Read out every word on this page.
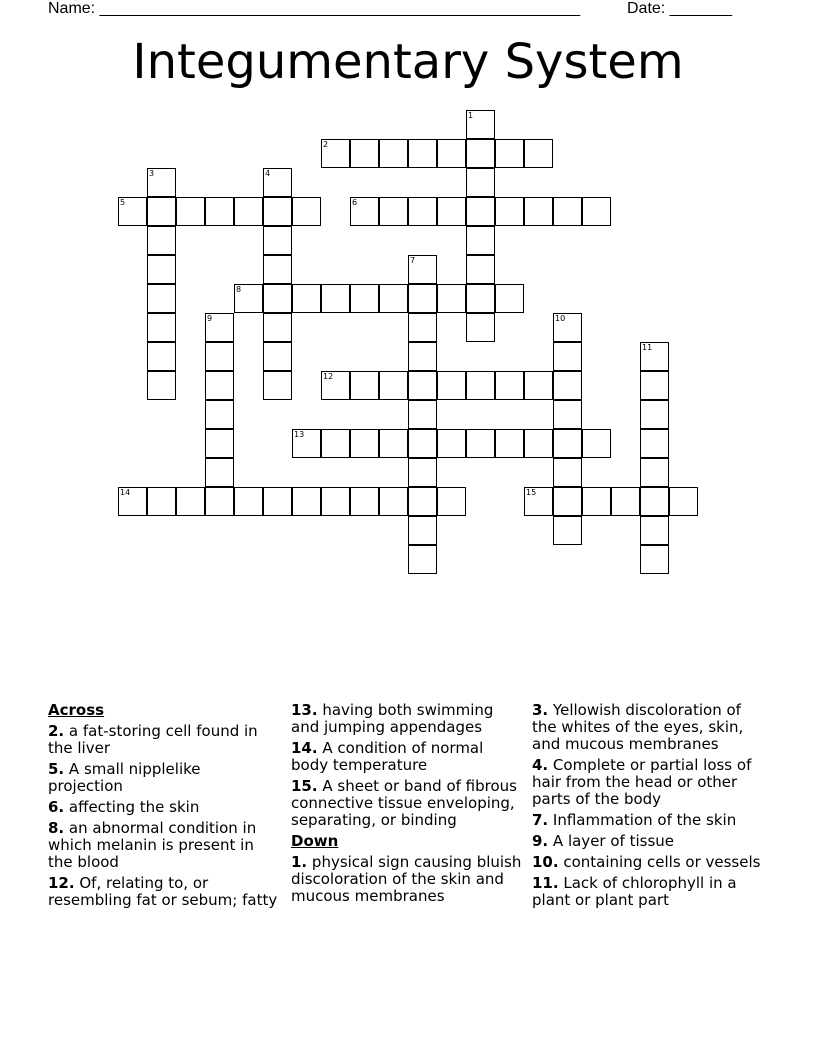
Name: ______________________________________________________	Date: _______
Integumentary System
1
2
3	4
5	6
7
8
9	10
11
12
13
14	15
Across
2. a fat-storing cell found in the liver
5. A small nipplelike projection
6. affecting the skin
8. an abnormal condition in which melanin is present in the blood
12. Of, relating to, or resembling fat or sebum; fatty
13. having both swimming and jumping appendages
14. A condition of normal body temperature
15. A sheet or band of fibrous connective tissue enveloping, separating, or binding
Down
1. physical sign causing bluish discoloration of the skin and mucous membranes
3. Yellowish discoloration of the whites of the eyes, skin, and mucous membranes
4. Complete or partial loss of hair from the head or other parts of the body
7. Inflammation of the skin
9. A layer of tissue
10. containing cells or vessels
11. Lack of chlorophyll in a plant or plant part
